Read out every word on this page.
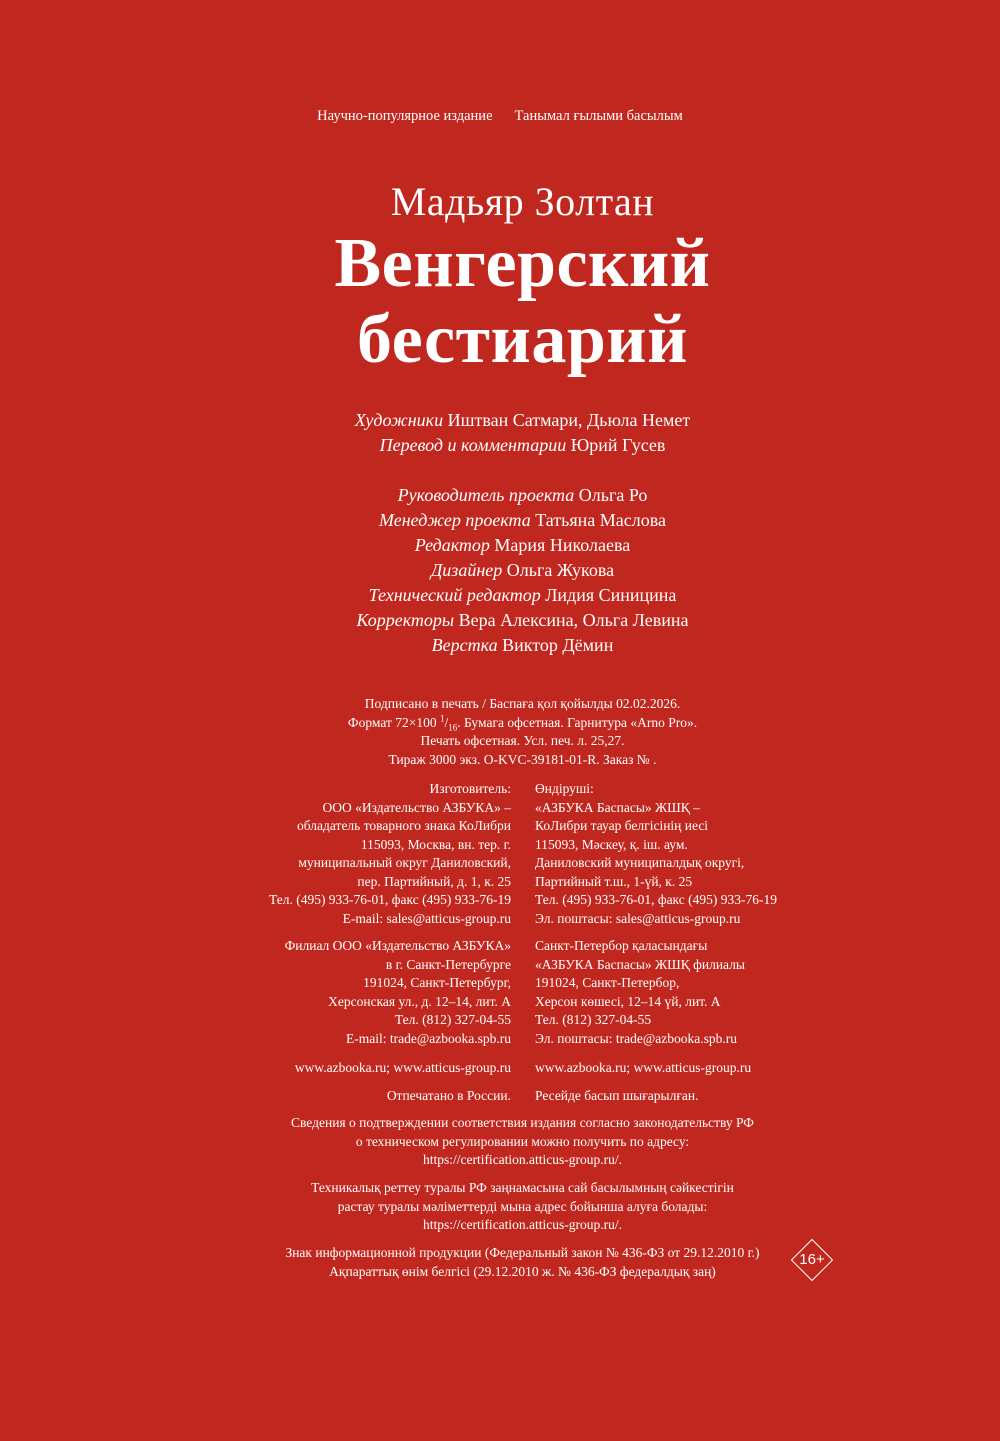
Научно-популярное издание Танымал ғылыми басылым
Мадьяр Золтан
Венгерский
бестиарий
Художники Иштван Сатмари, Дьюла Немет
Перевод и комментарии Юрий Гусев
Руководитель проекта Ольга Ро
Менеджер проекта Татьяна Маслова
Редактор Мария Николаева
Дизайнер Ольга Жукова
Технический редактор Лидия Синицина
Корректоры Вера Алексина, Ольга Левина
Верстка Виктор Дёмин
Подписано в печать / Баспаға қол қойылды 02.02.2026.
Формат 72×100 $^1/_{16}$. Бумага офсетная. Гарнитура «Arno Pro».
Печать офсетная. Усл. печ. л. 25,27.
Тираж 3000 экз. O-KVC-39181-01-R. Заказ № .
Изготовитель:
ООО «Издательство АЗБУКА» –
обладатель товарного знака КоЛибри
115093, Москва, вн. тер. г.
муниципальный округ Даниловский,
пер. Партийный, д. 1, к. 25
Тел. (495) 933-76-01, факс (495) 933-76-19
E-mail: sales@atticus-group.ru
Өндіруші:
«АЗБУКА Баспасы» ЖШҚ –
КоЛибри тауар белгісінің иесі
115093, Мәскеу, қ. іш. аум.
Даниловский муниципалдық округі,
Партийный т.ш., 1-үй, к. 25
Тел. (495) 933-76-01, факс (495) 933-76-19
Эл. поштасы: sales@atticus-group.ru
Филиал ООО «Издательство АЗБУКА»
в г. Санкт-Петербурге
191024, Санкт-Петербург,
Херсонская ул., д. 12–14, лит. А
Тел. (812) 327-04-55
E-mail: trade@azbooka.spb.ru
Санкт-Петербор қаласындағы
«АЗБУКА Баспасы» ЖШҚ филиалы
191024, Санкт-Петербор,
Херсон көшесі, 12–14 үй, лит. А
Тел. (812) 327-04-55
Эл. поштасы: trade@azbooka.spb.ru
www.azbooka.ru; www.atticus-group.ru www.azbooka.ru; www.atticus-group.ru
Отпечатано в России. Ресейде басып шығарылған.
Сведения о подтверждении соответствия издания согласно законодательству РФ
о техническом регулировании можно получить по адресу:
https://certification.atticus-group.ru/.
Техникалық реттеу туралы РФ заңнамасына сай басылымның сәйкестігін
растау туралы мәліметтерді мына адрес бойынша алуға болады:
https://certification.atticus-group.ru/.
Знак информационной продукции (Федеральный закон № 436-ФЗ от 29.12.2010 г.)
Ақпараттық өнім белгісі (29.12.2010 ж. № 436-ФЗ федералдық заң)
16+
